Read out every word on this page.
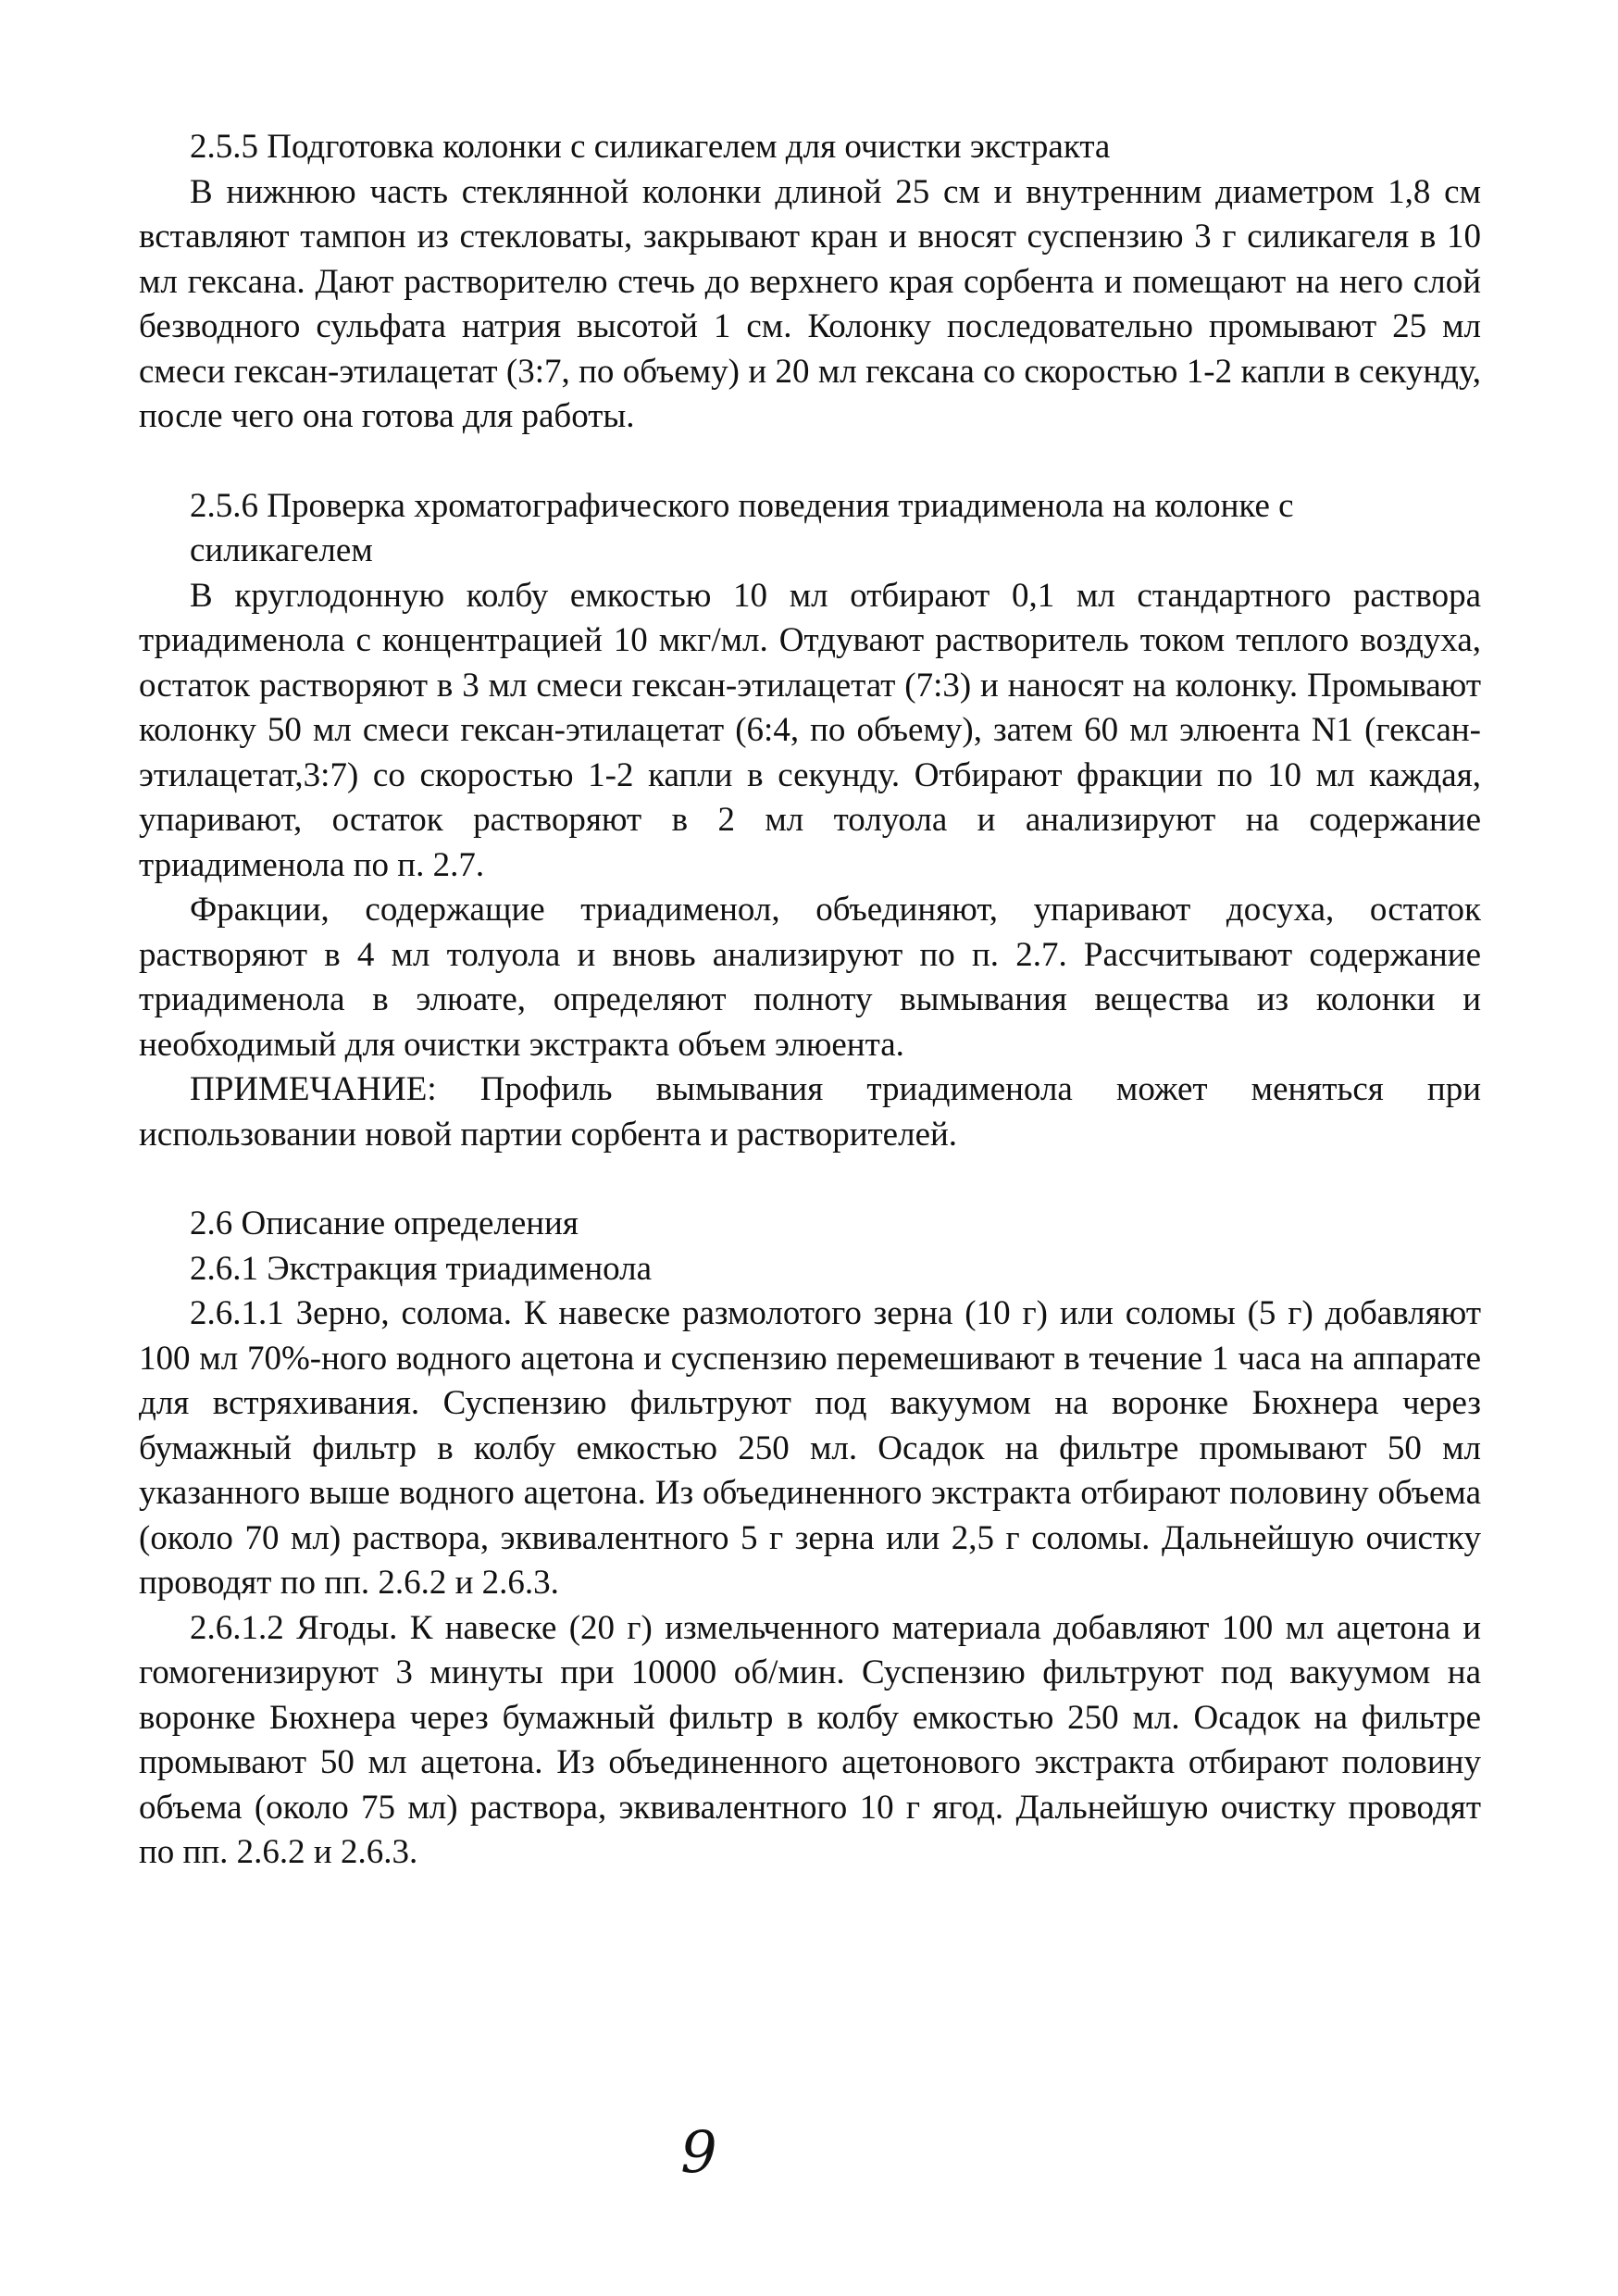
2.5.5 Подготовка колонки с силикагелем для очистки экстракта

В нижнюю часть стеклянной колонки длиной 25 см и внутренним диаметром 1,8 см вставляют тампон из стекловаты, закрывают кран и вносят суспензию 3 г силикагеля в 10 мл гексана. Дают растворителю стечь до верхнего края сорбента и помещают на него слой безводного сульфата натрия высотой 1 см. Колонку последовательно промывают 25 мл смеси гексан-этилацетат (3:7, по объему) и 20 мл гексана со скоростью 1-2 капли в секунду, после чего она готова для работы.

2.5.6 Проверка хроматографического поведения триадименола на колонке с силикагелем

В круглодонную колбу емкостью 10 мл отбирают 0,1 мл стандартного раствора триадименола с концентрацией 10 мкг/мл. Отдувают растворитель током теплого воздуха, остаток растворяют в 3 мл смеси гексан-этилацетат (7:3) и наносят на колонку. Промывают колонку 50 мл смеси гексан-этилацетат (6:4, по объему), затем 60 мл элюента N1 (гексан-этилацетат,3:7) со скоростью 1-2 капли в секунду. Отбирают фракции по 10 мл каждая, упаривают, остаток растворяют в 2 мл толуола и анализируют на содержание триадименола по п. 2.7.

Фракции, содержащие триадименол, объединяют, упаривают досуха, остаток растворяют в 4 мл толуола и вновь анализируют по п. 2.7. Рассчитывают содержание триадименола в элюате, определяют полноту вымывания вещества из колонки и необходимый для очистки экстракта объем элюента.

ПРИМЕЧАНИЕ: Профиль вымывания триадименола может меняться при использовании новой партии сорбента и растворителей.

2.6 Описание определения

2.6.1 Экстракция триадименола

2.6.1.1 Зерно, солома. К навеске размолотого зерна (10 г) или соломы (5 г) добавляют 100 мл 70%-ного водного ацетона и суспензию перемешивают в течение 1 часа на аппарате для встряхивания. Суспензию фильтруют под вакуумом на воронке Бюхнера через бумажный фильтр в колбу емкостью 250 мл. Осадок на фильтре промывают 50 мл указанного выше водного ацетона. Из объединенного экстракта отбирают половину объема (около 70 мл) раствора, эквивалентного 5 г зерна или 2,5 г соломы. Дальнейшую очистку проводят по пп. 2.6.2 и 2.6.3.

2.6.1.2 Ягоды. К навеске (20 г) измельченного материала добавляют 100 мл ацетона и гомогенизируют 3 минуты при 10000 об/мин. Суспензию фильтруют под вакуумом на воронке Бюхнера через бумажный фильтр в колбу емкостью 250 мл. Осадок на фильтре промывают 50 мл ацетона. Из объединенного ацетонового экстракта отбирают половину объема (около 75 мл) раствора, эквивалентного 10 г ягод. Дальнейшую очистку проводят по пп. 2.6.2 и 2.6.3.

9
